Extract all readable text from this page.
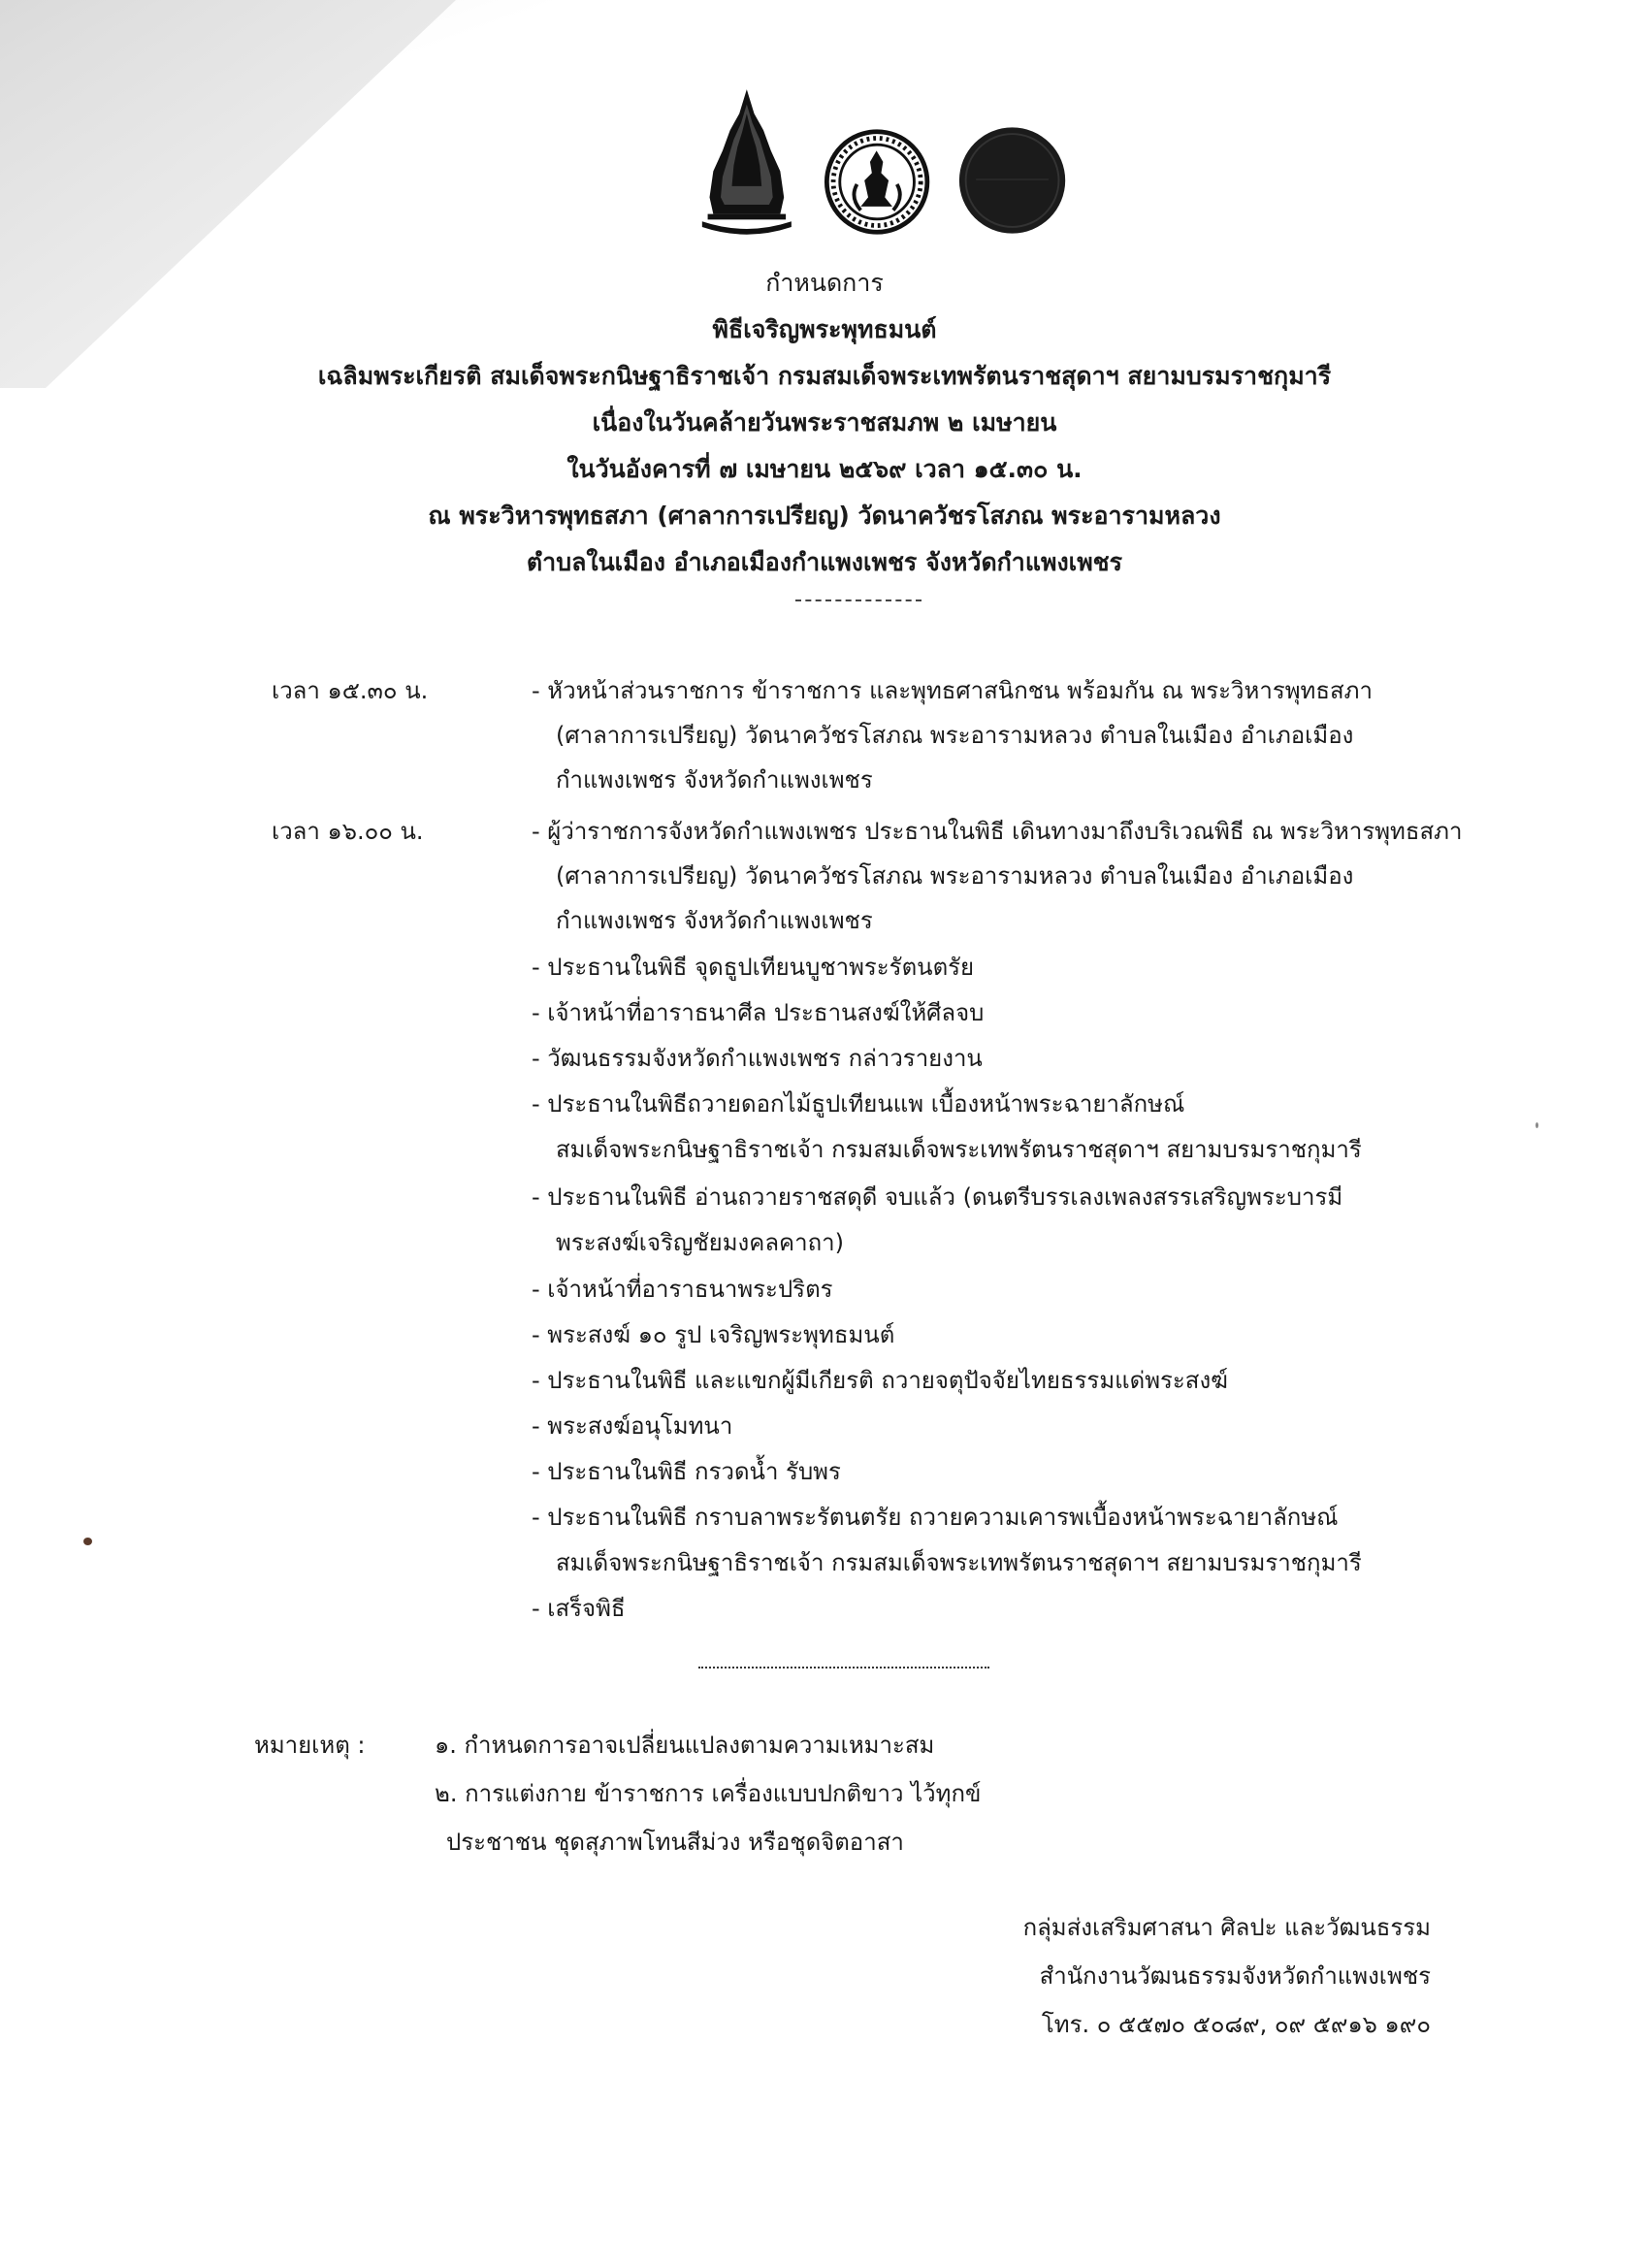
กำหนดการ
พิธีเจริญพระพุทธมนต์
เฉลิมพระเกียรติ สมเด็จพระกนิษฐาธิราชเจ้า กรมสมเด็จพระเทพรัตนราชสุดาฯ สยามบรมราชกุมารี
เนื่องในวันคล้ายวันพระราชสมภพ ๒ เมษายน
ในวันอังคารที่ ๗ เมษายน ๒๕๖๙ เวลา ๑๕.๓๐ น.
ณ พระวิหารพุทธสภา (ศาลาการเปรียญ) วัดนาควัชรโสภณ พระอารามหลวง
ตำบลในเมือง อำเภอเมืองกำแพงเพชร จังหวัดกำแพงเพชร
เวลา ๑๕.๓๐ น.	- หัวหน้าส่วนราชการ ข้าราชการ และพุทธศาสนิกชน พร้อมกัน ณ พระวิหารพุทธสภา
(ศาลาการเปรียญ) วัดนาควัชรโสภณ พระอารามหลวง ตำบลในเมือง อำเภอเมือง
กำแพงเพชร จังหวัดกำแพงเพชร
เวลา ๑๖.๐๐ น.	- ผู้ว่าราชการจังหวัดกำแพงเพชร ประธานในพิธี เดินทางมาถึงบริเวณพิธี ณ พระวิหารพุทธสภา
(ศาลาการเปรียญ) วัดนาควัชรโสภณ พระอารามหลวง ตำบลในเมือง อำเภอเมือง
กำแพงเพชร จังหวัดกำแพงเพชร
- ประธานในพิธี จุดธูปเทียนบูชาพระรัตนตรัย
- เจ้าหน้าที่อาราธนาศีล ประธานสงฆ์ให้ศีลจบ
- วัฒนธรรมจังหวัดกำแพงเพชร กล่าวรายงาน
- ประธานในพิธีถวายดอกไม้ธูปเทียนแพ เบื้องหน้าพระฉายาลักษณ์
สมเด็จพระกนิษฐาธิราชเจ้า กรมสมเด็จพระเทพรัตนราชสุดาฯ สยามบรมราชกุมารี
- ประธานในพิธี อ่านถวายราชสดุดี จบแล้ว (ดนตรีบรรเลงเพลงสรรเสริญพระบารมี
พระสงฆ์เจริญชัยมงคลคาถา)
- เจ้าหน้าที่อาราธนาพระปริตร
- พระสงฆ์ ๑๐ รูป เจริญพระพุทธมนต์
- ประธานในพิธี และแขกผู้มีเกียรติ ถวายจตุปัจจัยไทยธรรมแด่พระสงฆ์
- พระสงฆ์อนุโมทนา
- ประธานในพิธี กรวดน้ำ รับพร
- ประธานในพิธี กราบลาพระรัตนตรัย ถวายความเคารพเบื้องหน้าพระฉายาลักษณ์
สมเด็จพระกนิษฐาธิราชเจ้า กรมสมเด็จพระเทพรัตนราชสุดาฯ สยามบรมราชกุมารี
- เสร็จพิธี
หมายเหตุ :	๑. กำหนดการอาจเปลี่ยนแปลงตามความเหมาะสม
๒. การแต่งกาย ข้าราชการ เครื่องแบบปกติขาว ไว้ทุกข์
ประชาชน ชุดสุภาพโทนสีม่วง หรือชุดจิตอาสา
กลุ่มส่งเสริมศาสนา ศิลปะ และวัฒนธรรม
สำนักงานวัฒนธรรมจังหวัดกำแพงเพชร
โทร. ๐ ๕๕๗๐ ๕๐๘๙, ๐๙ ๕๙๑๖ ๑๙๐
